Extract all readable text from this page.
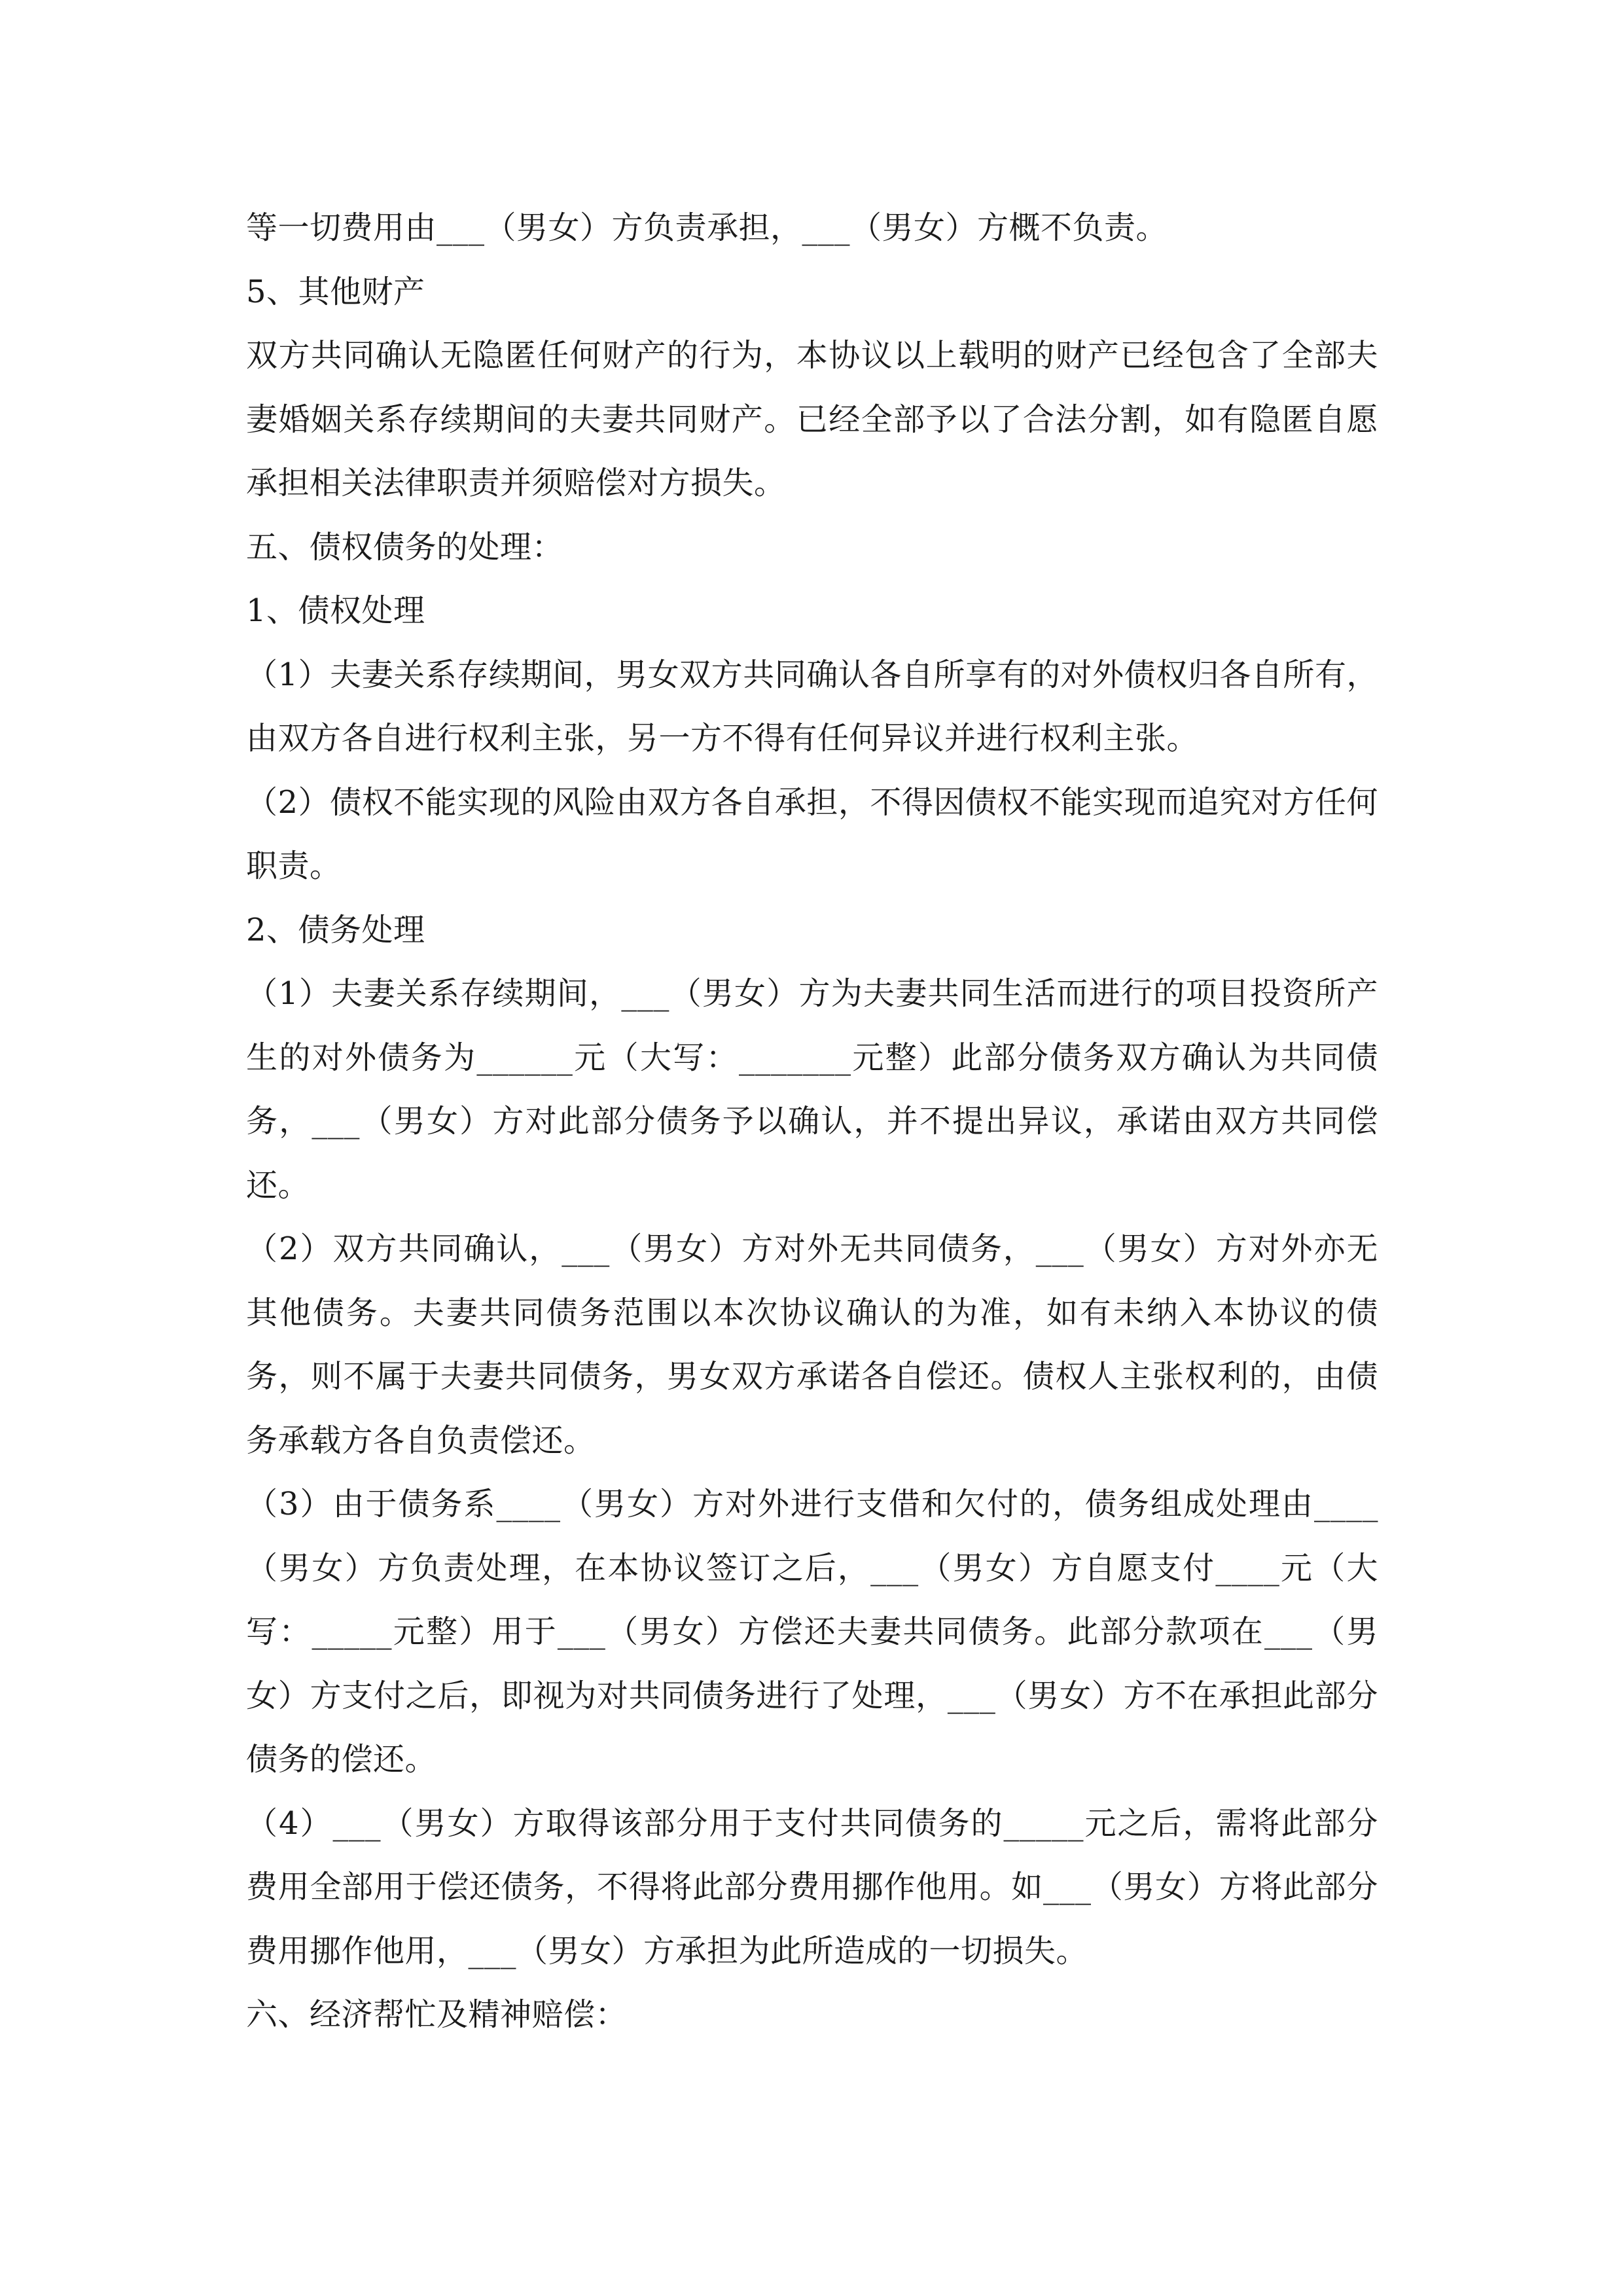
等一切费用由___（男女）方负责承担，___（男女）方概不负责。

5、其他财产

双方共同确认无隐匿任何财产的行为，本协议以上载明的财产已经包含了全部夫妻婚姻关系存续期间的夫妻共同财产。已经全部予以了合法分割，如有隐匿自愿承担相关法律职责并须赔偿对方损失。

五、债权债务的处理：

1、债权处理

（1）夫妻关系存续期间，男女双方共同确认各自所享有的对外债权归各自所有，由双方各自进行权利主张，另一方不得有任何异议并进行权利主张。

（2）债权不能实现的风险由双方各自承担，不得因债权不能实现而追究对方任何职责。

2、债务处理

（1）夫妻关系存续期间，___（男女）方为夫妻共同生活而进行的项目投资所产生的对外债务为______元（大写：_______元整）此部分债务双方确认为共同债务，___（男女）方对此部分债务予以确认，并不提出异议，承诺由双方共同偿还。

（2）双方共同确认，___（男女）方对外无共同债务，___（男女）方对外亦无其他债务。夫妻共同债务范围以本次协议确认的为准，如有未纳入本协议的债务，则不属于夫妻共同债务，男女双方承诺各自偿还。债权人主张权利的，由债务承载方各自负责偿还。

（3）由于债务系____（男女）方对外进行支借和欠付的，债务组成处理由____（男女）方负责处理，在本协议签订之后，___（男女）方自愿支付____元（大写：_____元整）用于___（男女）方偿还夫妻共同债务。此部分款项在___（男女）方支付之后，即视为对共同债务进行了处理，___（男女）方不在承担此部分债务的偿还。

（4）___（男女）方取得该部分用于支付共同债务的_____元之后，需将此部分费用全部用于偿还债务，不得将此部分费用挪作他用。如___（男女）方将此部分费用挪作他用，___（男女）方承担为此所造成的一切损失。

六、经济帮忙及精神赔偿：
